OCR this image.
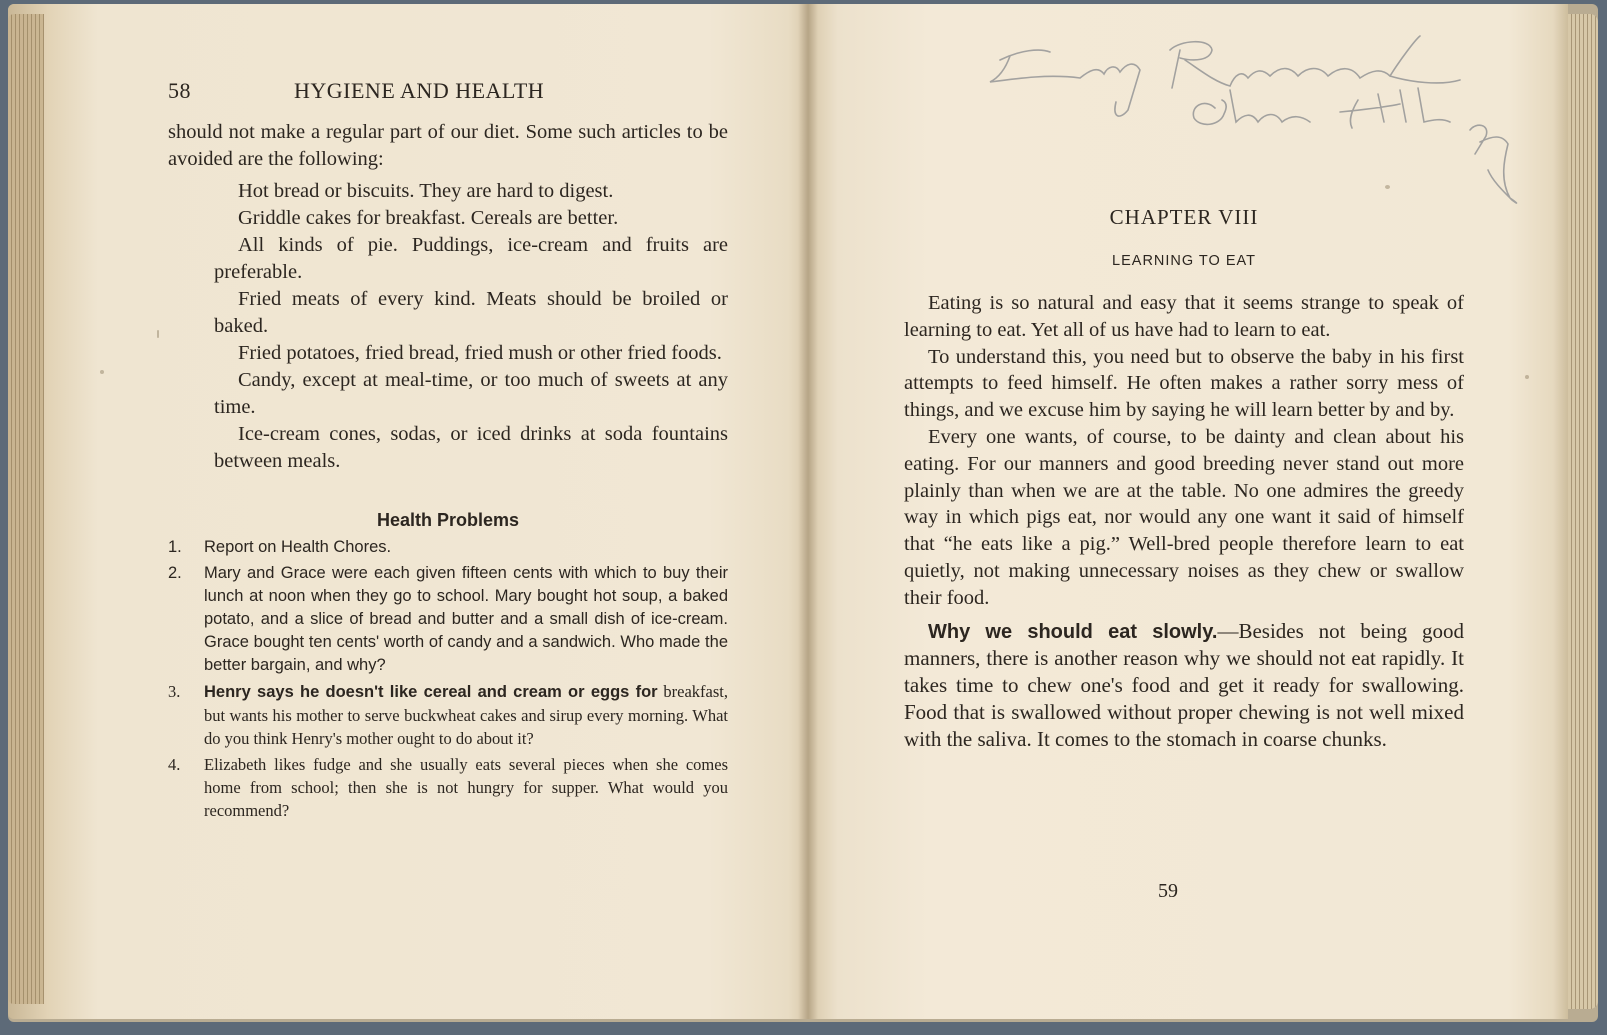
58	HYGIENE AND HEALTH

should not make a regular part of our diet. Some such articles to be avoided are the following:

Hot bread or biscuits. They are hard to digest.

Griddle cakes for breakfast. Cereals are better.

All kinds of pie. Puddings, ice-cream and fruits are preferable.

Fried meats of every kind. Meats should be broiled or baked.

Fried potatoes, fried bread, fried mush or other fried foods.

Candy, except at meal-time, or too much of sweets at any time.

Ice-cream cones, sodas, or iced drinks at soda fountains between meals.

Health Problems

1. Report on Health Chores.

2. Mary and Grace were each given fifteen cents with which to buy their lunch at noon when they go to school. Mary bought hot soup, a baked potato, and a slice of bread and butter and a small dish of ice-cream. Grace bought ten cents' worth of candy and a sandwich. Who made the better bargain, and why?

3. Henry says he doesn't like cereal and cream or eggs for breakfast, but wants his mother to serve buckwheat cakes and sirup every morning. What do you think Henry's mother ought to do about it?

4. Elizabeth likes fudge and she usually eats several pieces when she comes home from school; then she is not hungry for supper. What would you recommend?

CHAPTER VIII
LEARNING TO EAT

Eating is so natural and easy that it seems strange to speak of learning to eat. Yet all of us have had to learn to eat.

To understand this, you need but to observe the baby in his first attempts to feed himself. He often makes a rather sorry mess of things, and we excuse him by saying he will learn better by and by.

Every one wants, of course, to be dainty and clean about his eating. For our manners and good breeding never stand out more plainly than when we are at the table. No one admires the greedy way in which pigs eat, nor would any one want it said of himself that “he eats like a pig.” Well-bred people therefore learn to eat quietly, not making unnecessary noises as they chew or swallow their food.

Why we should eat slowly.—Besides not being good manners, there is another reason why we should not eat rapidly. It takes time to chew one's food and get it ready for swallowing. Food that is swallowed without proper chewing is not well mixed with the saliva. It comes to the stomach in coarse chunks.

59
